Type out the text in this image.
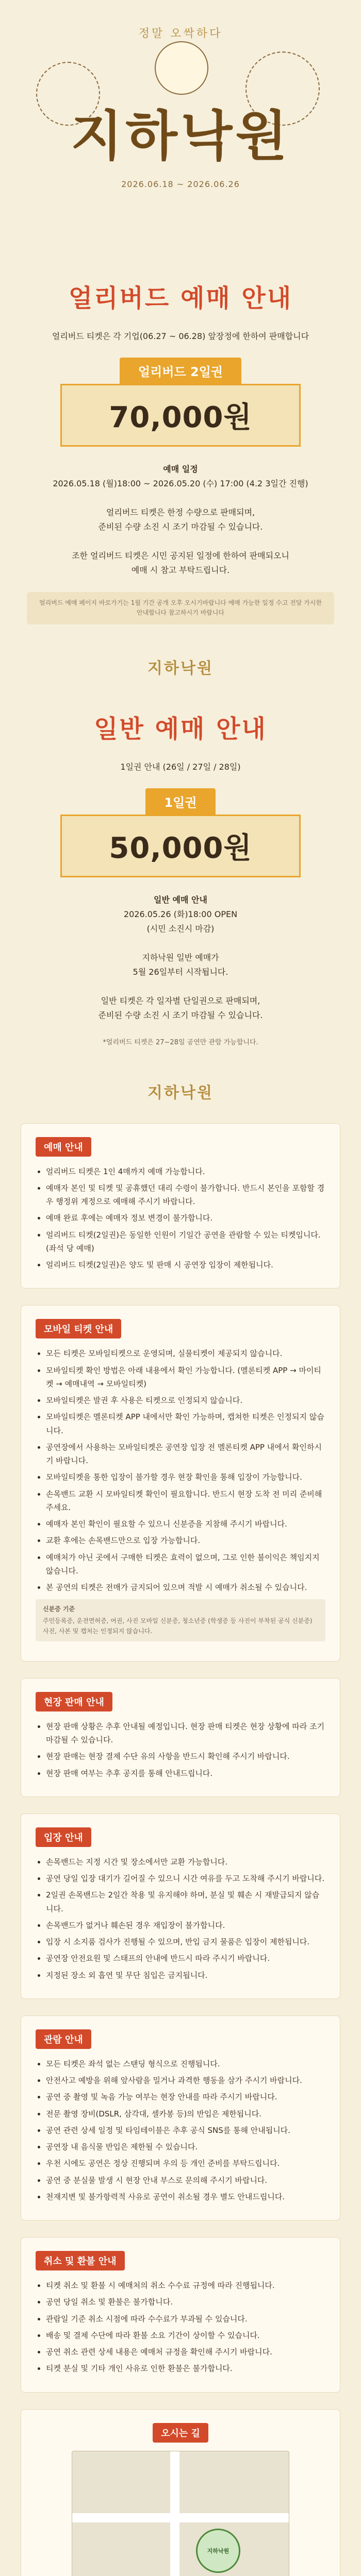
정말 오싹하다
지하낙원
2026.06.18 ~ 2026.06.26
얼리버드 예매 안내
얼리버드 티켓은 각 기업(06.27 ~ 06.28) 앞장정에 한하여 판매합니다
얼리버드 2일권
70,000원
예매 일정
2026.05.18 (월)18:00 ~ 2026.05.20 (수) 17:00 (4.2 3일간 진행)

얼리버드 티켓은 한정 수량으로 판매되며,
준비된 수량 소진 시 조기 마감될 수 있습니다.

조한 얼리버드 티켓은 시민 공지된 일정에 한하여 판매되오니
예매 시 참고 부탁드립니다.
얼리버드 예매 페이지 바로가기는 1월 기간 공개 오후 오시기바랍니다 예매 가능한 일정 수고 전달 가시한 안내합니다 참고하시기 바랍니다
지하낙원
일반 예매 안내
1일권 안내 (26일 / 27일 / 28일)
1일권
50,000원
일반 예매 안내
2026.05.26 (화)18:00 OPEN
(시민 소진시 마감)

지하낙원 일반 예매가
5월 26일부터 시작됩니다.

일반 티켓은 각 일자별 단일권으로 판매되며,
준비된 수량 소진 시 조기 마감될 수 있습니다.

*얼리버드 티켓은 27~28일 공연만 관람 가능합니다.
지하낙원
예매 안내
• 얼리버드 티켓은 1인 4매까지 예매 가능합니다.
• 예매자 본인 및 티켓 및 공휴했던 대리 수령이 불가합니다. 반드시 본인을 포함할 경우 행정위 계정으로 예매해 주시기 바랍니다.
• 예매 완료 후에는 예매자 정보 변경이 불가합니다.
• 얼리버드 티켓(2일권)은 동일한 인원이 기일간 공연을 관람할 수 있는 티켓입니다. (좌석 당 예매)
• 얼리버드 티켓(2일권)은 양도 및 판매 시 공연장 입장이 제한됩니다.
모바일 티켓 안내
• 모든 티켓은 모바일티켓으로 운영되며, 실물티켓이 제공되지 않습니다.
• 모바일티켓 확인 방법은 아래 내용에서 확인 가능합니다. (멜론티켓 APP → 마이티켓 → 예매내역 → 모바일티켓)
• 모바일티켓은 발권 후 사용은 티켓으로 인정되지 않습니다.
• 모바일티켓은 멜론티켓 APP 내에서만 확인 가능하며, 캡쳐한 티켓은 인정되지 않습니다.
• 공연장에서 사용하는 모바일티켓은 공연장 입장 전 멜론티켓 APP 내에서 확인하시기 바랍니다.
• 모바일티켓을 통한 입장이 불가할 경우 현장 확인을 통해 입장이 가능합니다.
• 손목밴드 교환 시 모바일티켓 확인이 필요합니다. 반드시 현장 도착 전 미리 준비해 주세요.
• 예매자 본인 확인이 필요할 수 있으니 신분증을 지참해 주시기 바랍니다.
• 교환 후에는 손목밴드만으로 입장 가능합니다.
• 예매처가 아닌 곳에서 구매한 티켓은 효력이 없으며, 그로 인한 불이익은 책임지지 않습니다.
• 본 공연의 티켓은 전매가 금지되어 있으며 적발 시 예매가 취소될 수 있습니다.
신분증 기준
주민등록증, 운전면허증, 여권, 사진 모바일 신분증, 청소년증 (학생증 등 사진이 부착된 공식 신분증) 사진, 사본 및 캡처는 인정되지 않습니다.
현장 판매 안내
• 현장 판매 상황은 추후 안내될 예정입니다. 현장 판매 티켓은 현장 상황에 따라 조기 마감될 수 있습니다.
• 현장 판매는 현장 결제 수단 유의 사항을 반드시 확인해 주시기 바랍니다.
• 현장 판매 여부는 추후 공지를 통해 안내드립니다.
입장 안내
• 손목밴드는 지정 시간 및 장소에서만 교환 가능합니다.
• 공연 당일 입장 대기가 길어질 수 있으니 시간 여유를 두고 도착해 주시기 바랍니다.
• 2일권 손목밴드는 2일간 착용 및 유지해야 하며, 분실 및 훼손 시 재발급되지 않습니다.
• 손목밴드가 없거나 훼손된 경우 재입장이 불가합니다.
• 입장 시 소지품 검사가 진행될 수 있으며, 반입 금지 물품은 입장이 제한됩니다.
• 공연장 안전요원 및 스태프의 안내에 반드시 따라 주시기 바랍니다.
• 지정된 장소 외 흡연 및 무단 침입은 금지됩니다.
관람 안내
• 모든 티켓은 좌석 없는 스탠딩 형식으로 진행됩니다.
• 안전사고 예방을 위해 앞사람을 밀거나 과격한 행동을 삼가 주시기 바랍니다.
• 공연 중 촬영 및 녹음 가능 여부는 현장 안내를 따라 주시기 바랍니다.
• 전문 촬영 장비(DSLR, 삼각대, 셀카봉 등)의 반입은 제한됩니다.
• 공연 관련 상세 일정 및 타임테이블은 추후 공식 SNS를 통해 안내됩니다.
• 공연장 내 음식물 반입은 제한될 수 있습니다.
• 우천 시에도 공연은 정상 진행되며 우의 등 개인 준비를 부탁드립니다.
• 공연 중 분실물 발생 시 현장 안내 부스로 문의해 주시기 바랍니다.
• 천재지변 및 불가항력적 사유로 공연이 취소될 경우 별도 안내드립니다.
취소 및 환불 안내
• 티켓 취소 및 환불 시 예매처의 취소 수수료 규정에 따라 진행됩니다.
• 공연 당일 취소 및 환불은 불가합니다.
• 관람일 기준 취소 시점에 따라 수수료가 부과될 수 있습니다.
• 배송 및 결제 수단에 따라 환불 소요 기간이 상이할 수 있습니다.
• 공연 취소 관련 상세 내용은 예매처 규정을 확인해 주시기 바랍니다.
• 티켓 분실 및 기타 개인 사유로 인한 환불은 불가합니다.
오시는 길
지하낙원
